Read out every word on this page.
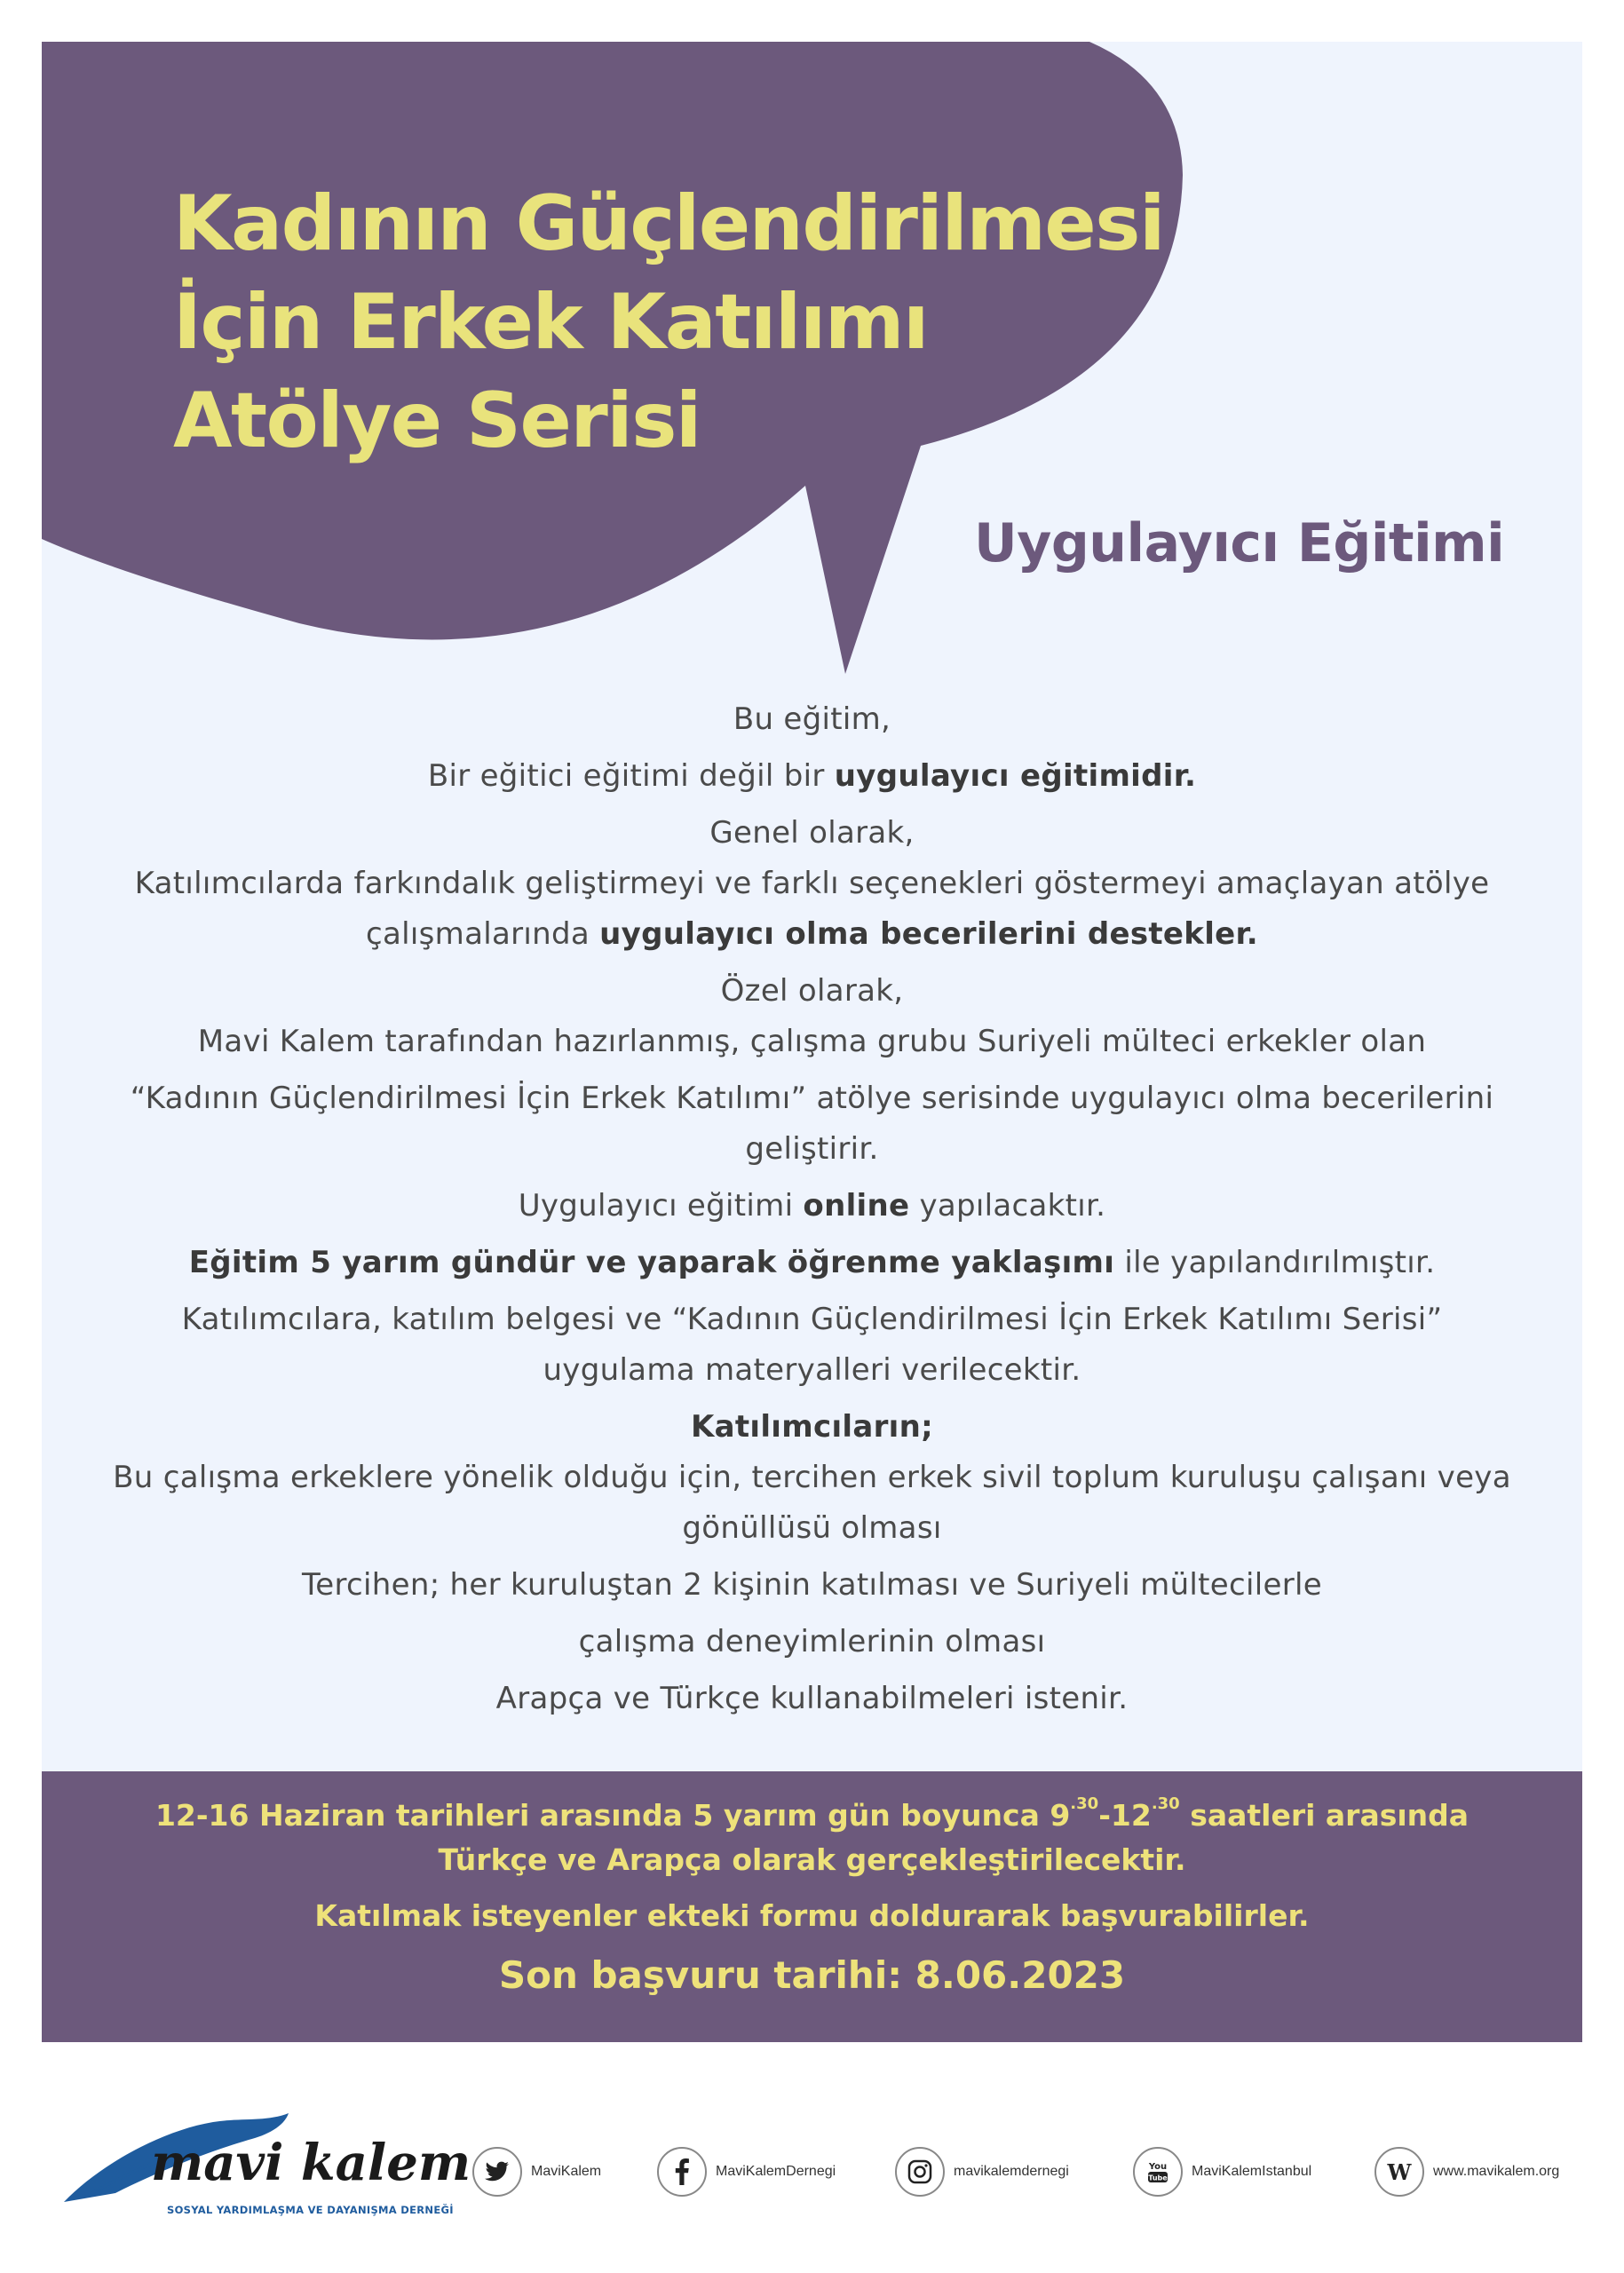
Kadının Güçlendirilmesi
İçin Erkek Katılımı
Atölye Serisi
Uygulayıcı Eğitimi
Bu eğitim,
Bir eğitici eğitimi değil bir uygulayıcı eğitimidir.
Genel olarak,
Katılımcılarda farkındalık geliştirmeyi ve farklı seçenekleri göstermeyi amaçlayan atölye
çalışmalarında uygulayıcı olma becerilerini destekler.
Özel olarak,
Mavi Kalem tarafından hazırlanmış, çalışma grubu Suriyeli mülteci erkekler olan
“Kadının Güçlendirilmesi İçin Erkek Katılımı” atölye serisinde uygulayıcı olma becerilerini
geliştirir.
Uygulayıcı eğitimi online yapılacaktır.
Eğitim 5 yarım gündür ve yaparak öğrenme yaklaşımı ile yapılandırılmıştır.
Katılımcılara, katılım belgesi ve “Kadının Güçlendirilmesi İçin Erkek Katılımı Serisi”
uygulama materyalleri verilecektir.
Katılımcıların;
Bu çalışma erkeklere yönelik olduğu için, tercihen erkek sivil toplum kuruluşu çalışanı veya
gönüllüsü olması
Tercihen; her kuruluştan 2 kişinin katılması ve Suriyeli mültecilerle
çalışma deneyimlerinin olması
Arapça ve Türkçe kullanabilmeleri istenir.
12-16 Haziran tarihleri arasında 5 yarım gün boyunca $9^{.30}-12^{.30}$ saatleri arasında
Türkçe ve Arapça olarak gerçekleştirilecektir.
Katılmak isteyenler ekteki formu doldurarak başvurabilirler.
Son başvuru tarihi: 8.06.2023
mavi kalem
SOSYAL YARDIMLAŞMA VE DAYANIŞMA DERNEĞİ
MaviKalem	MaviKalemDernegi	mavikalemdernegi	You
Tube MaviKalemIstanbul	W www.mavikalem.org
